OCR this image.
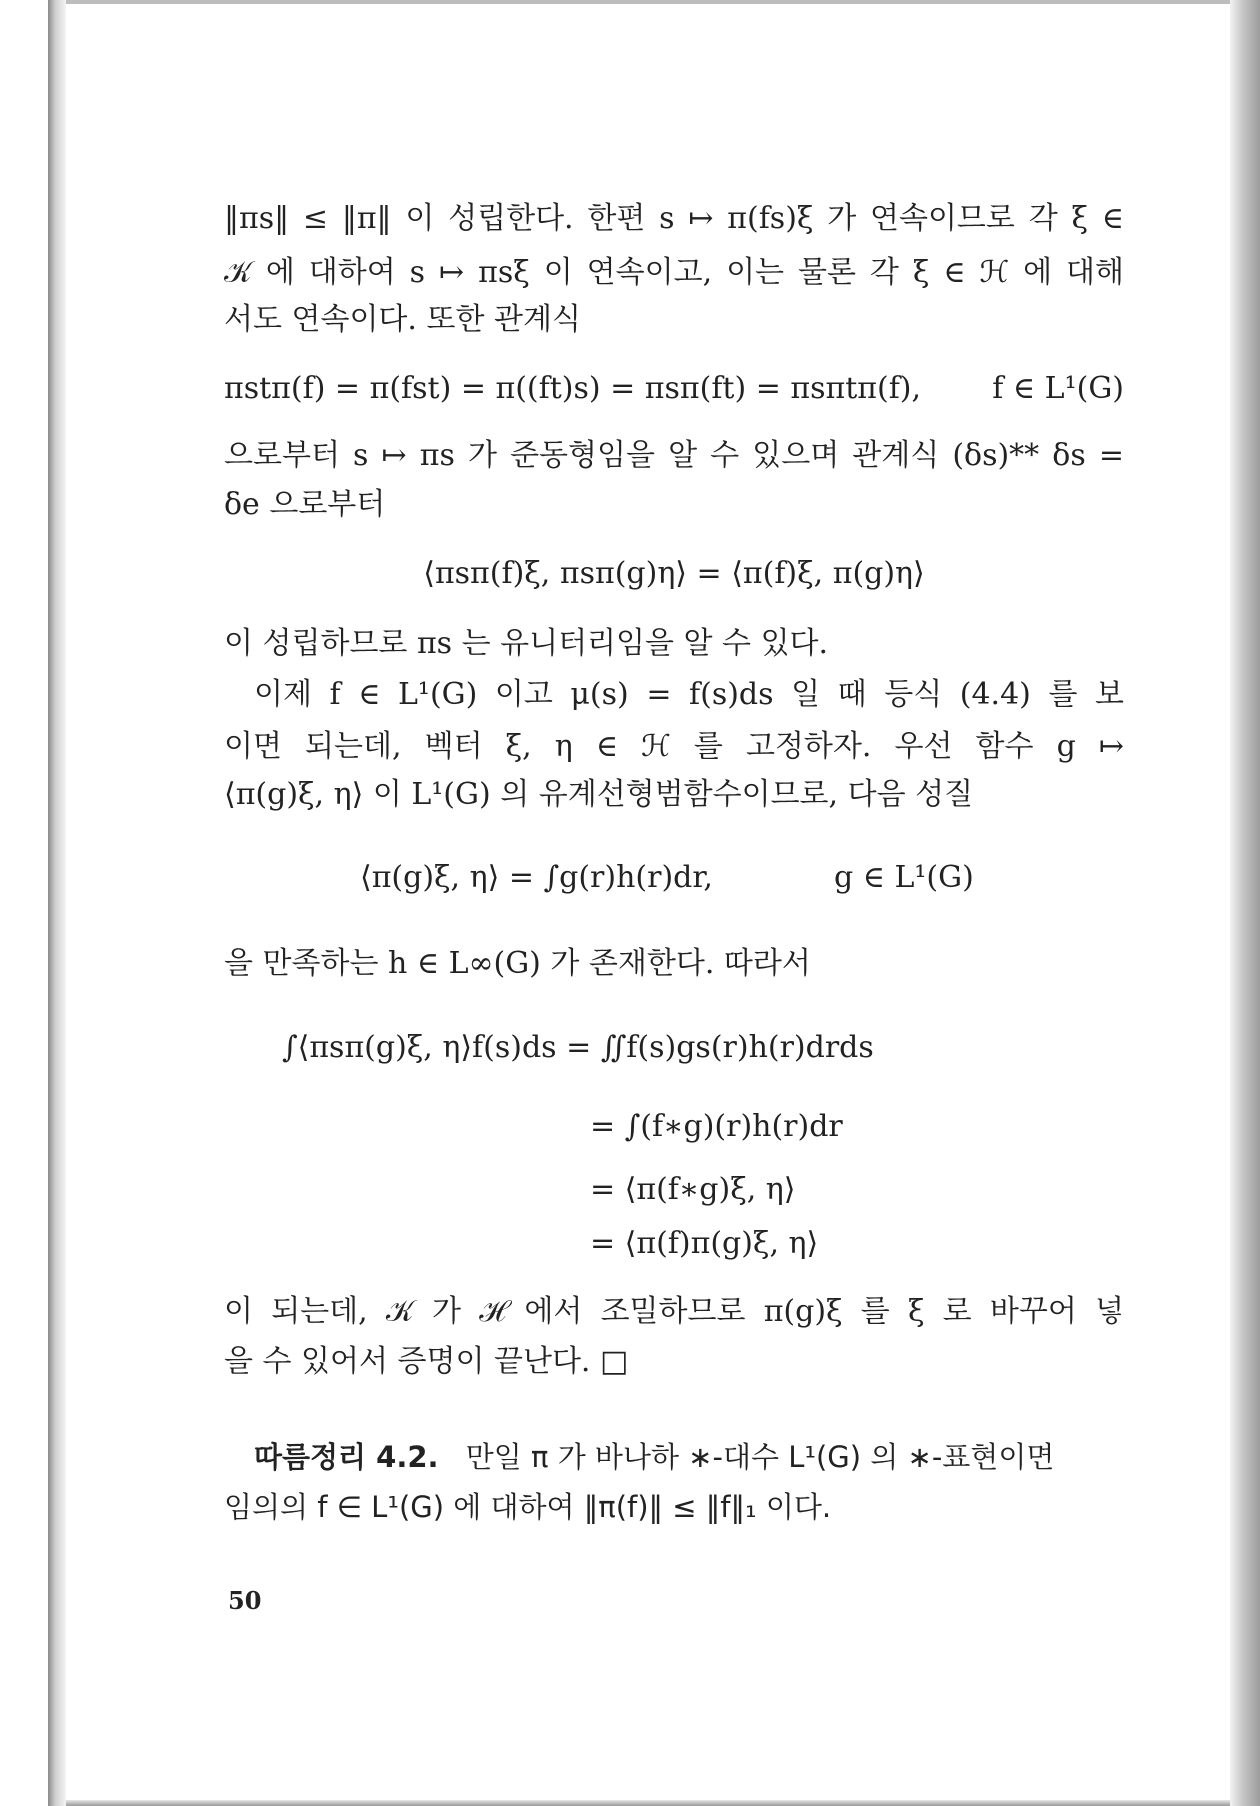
‖πs‖ ≤ ‖π‖ 이 성립한다. 한편 s ↦ π(fs)ξ 가 연속이므로 각 ξ ∈
𝒦 에 대하여 s ↦ πsξ 이 연속이고, 이는 물론 각 ξ ∈ ℋ 에 대해
서도 연속이다. 또한 관계식
πstπ(f) = π(fst) = π((ft)s) = πsπ(ft) = πsπtπ(f), f ∈ L¹(G)
으로부터 s ↦ πs 가 준동형임을 알 수 있으며 관계식 (δs)** δs =
δe 으로부터
⟨πsπ(f)ξ, πsπ(g)η⟩ = ⟨π(f)ξ, π(g)η⟩
이 성립하므로 πs 는 유니터리임을 알 수 있다.
이제 f ∈ L¹(G) 이고 μ(s) = f(s)ds 일 때 등식 (4.4) 를 보
이면 되는데, 벡터 ξ, η ∈ ℋ 를 고정하자. 우선 함수 g ↦
⟨π(g)ξ, η⟩ 이 L¹(G) 의 유계선형범함수이므로, 다음 성질
⟨π(g)ξ, η⟩ = ∫g(r)h(r)dr,	g ∈ L¹(G)
을 만족하는 h ∈ L∞(G) 가 존재한다. 따라서
∫⟨πsπ(g)ξ, η⟩f(s)ds = ∬f(s)gs(r)h(r)drds
= ∫(f∗g)(r)h(r)dr
= ⟨π(f∗g)ξ, η⟩
= ⟨π(f)π(g)ξ, η⟩
이 되는데, 𝒦 가 ℋ 에서 조밀하므로 π(g)ξ 를 ξ 로 바꾸어 넣
을 수 있어서 증명이 끝난다. □
따름정리 4.2. 만일 π 가 바나하 ∗-대수 L¹(G) 의 ∗-표현이면
임의의 f ∈ L¹(G) 에 대하여 ‖π(f)‖ ≤ ‖f‖₁ 이다.
50
